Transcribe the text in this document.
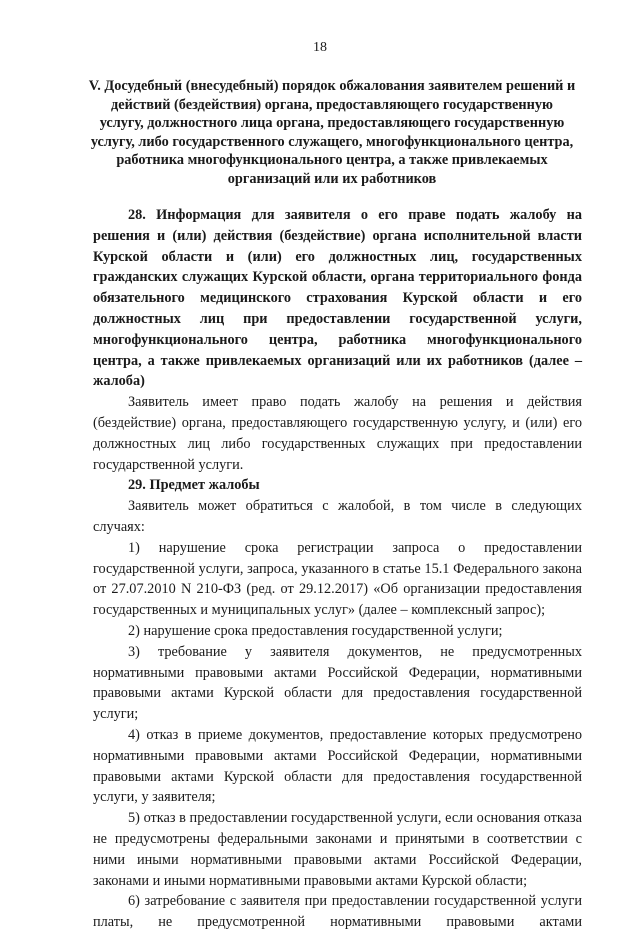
18
V. Досудебный (внесудебный) порядок обжалования заявителем решений и действий (бездействия) органа, предоставляющего государственную услугу, должностного лица органа, предоставляющего государственную услугу, либо государственного служащего, многофункционального центра, работника многофункционального центра, а также привлекаемых организаций или их работников

28. Информация для заявителя о его праве подать жалобу на решения и (или) действия (бездействие) органа исполнительной власти Курской области и (или) его должностных лиц, государственных гражданских служащих Курской области, органа территориального фонда обязательного медицинского страхования Курской области и его должностных лиц при предоставлении государственной услуги, многофункционального центра, работника многофункционального центра, а также привлекаемых организаций или их работников (далее – жалоба)

Заявитель имеет право подать жалобу на решения и действия (бездействие) органа, предоставляющего государственную услугу, и (или) его должностных лиц либо государственных служащих при предоставлении государственной услуги.

29. Предмет жалобы

Заявитель может обратиться с жалобой, в том числе в следующих случаях:

1) нарушение срока регистрации запроса о предоставлении государственной услуги, запроса, указанного в статье 15.1 Федерального закона от 27.07.2010 N 210-ФЗ (ред. от 29.12.2017) «Об организации предоставления государственных и муниципальных услуг» (далее – комплексный запрос);

2) нарушение срока предоставления государственной услуги;

3) требование у заявителя документов, не предусмотренных нормативными правовыми актами Российской Федерации, нормативными правовыми актами Курской области для предоставления государственной услуги;

4) отказ в приеме документов, предоставление которых предусмотрено нормативными правовыми актами Российской Федерации, нормативными правовыми актами Курской области для предоставления государственной услуги, у заявителя;

5) отказ в предоставлении государственной услуги, если основания отказа не предусмотрены федеральными законами и принятыми в соответствии с ними иными нормативными правовыми актами Российской Федерации, законами и иными нормативными правовыми актами Курской области;

6) затребование с заявителя при предоставлении государственной услуги платы, не предусмотренной нормативными правовыми актами
